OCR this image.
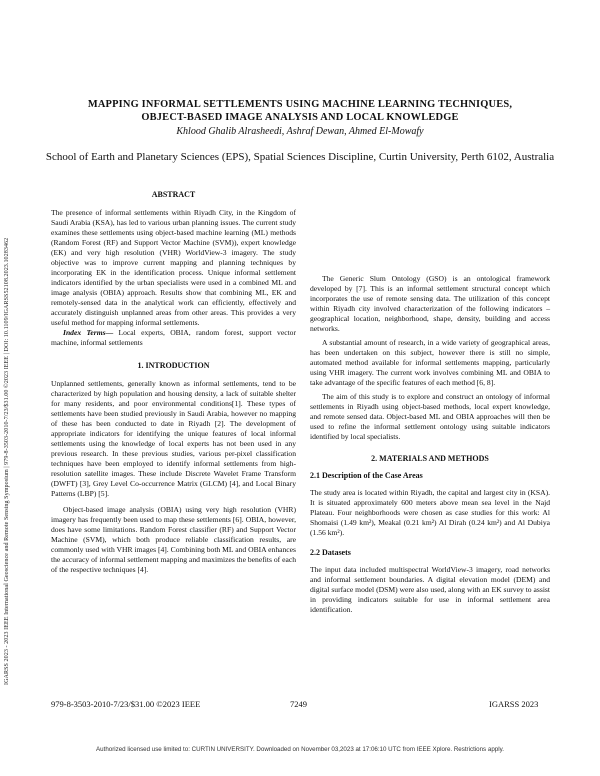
IGARSS 2023 - 2023 IEEE International Geoscience and Remote Sensing Symposium | 979-8-3503-2010-7/23/$31.00 ©2023 IEEE | DOI: 10.1109/IGARSS52108.2023.10283462
MAPPING INFORMAL SETTLEMENTS USING MACHINE LEARNING TECHNIQUES,
OBJECT-BASED IMAGE ANALYSIS AND LOCAL KNOWLEDGE
Khlood Ghalib Alrasheedi, Ashraf Dewan, Ahmed El-Mowafy
School of Earth and Planetary Sciences (EPS), Spatial Sciences Discipline, Curtin University, Perth 6102, Australia

ABSTRACT

The presence of informal settlements within Riyadh City, in the Kingdom of Saudi Arabia (KSA), has led to various urban planning issues. The current study examines these settlements using object-based machine learning (ML) methods (Random Forest (RF) and Support Vector Machine (SVM)), expert knowledge (EK) and very high resolution (VHR) WorldView-3 imagery. The study objective was to improve current mapping and planning techniques by incorporating EK in the identification process. Unique informal settlement indicators identified by the urban specialists were used in a combined ML and image analysis (OBIA) approach. Results show that combining ML, EK and remotely-sensed data in the analytical work can efficiently, effectively and accurately distinguish unplanned areas from other areas. This provides a very useful method for mapping informal settlements.

Index Terms— Local experts, OBIA, random forest, support vector machine, informal settlements

1. INTRODUCTION

Unplanned settlements, generally known as informal settlements, tend to be characterized by high population and housing density, a lack of suitable shelter for many residents, and poor environmental conditions[1]. These types of settlements have been studied previously in Saudi Arabia, however no mapping of these has been conducted to date in Riyadh [2]. The development of appropriate indicators for identifying the unique features of local informal settlements using the knowledge of local experts has not been used in any previous research. In these previous studies, various per-pixel classification techniques have been employed to identify informal settlements from high-resolution satellite images. These include Discrete Wavelet Frame Transform (DWFT) [3], Grey Level Co-occurrence Matrix (GLCM) [4], and Local Binary Patterns (LBP) [5].

Object-based image analysis (OBIA) using very high resolution (VHR) imagery has frequently been used to map these settlements [6]. OBIA, however, does have some limitations. Random Forest classifier (RF) and Support Vector Machine (SVM), which both produce reliable classification results, are commonly used with VHR images [4]. Combining both ML and OBIA enhances the accuracy of informal settlement mapping and maximizes the benefits of each of the respective techniques [4].

The Generic Slum Ontology (GSO) is an ontological framework developed by [7]. This is an informal settlement structural concept which incorporates the use of remote sensing data. The utilization of this concept within Riyadh city involved characterization of the following indicators – geographical location, neighborhood, shape, density, building and access networks.

A substantial amount of research, in a wide variety of geographical areas, has been undertaken on this subject, however there is still no simple, automated method available for informal settlements mapping, particularly using VHR imagery. The current work involves combining ML and OBIA to take advantage of the specific features of each method [6, 8].

The aim of this study is to explore and construct an ontology of informal settlements in Riyadh using object-based methods, local expert knowledge, and remote sensed data. Object-based ML and OBIA approaches will then be used to refine the informal settlement ontology using suitable indicators identified by local specialists.

2. MATERIALS AND METHODS

2.1 Description of the Case Areas

The study area is located within Riyadh, the capital and largest city in (KSA). It is situated approximately 600 meters above mean sea level in the Najd Plateau. Four neighborhoods were chosen as case studies for this work: Al Shomaisi (1.49 km²), Meakal (0.21 km²) Al Dirah (0.24 km²) and Al Dubiya (1.56 km²).

2.2 Datasets

The input data included multispectral WorldView-3 imagery, road networks and informal settlement boundaries. A digital elevation model (DEM) and digital surface model (DSM) were also used, along with an EK survey to assist in providing indicators suitable for use in informal settlement area identification.

979-8-3503-2010-7/23/$31.00 ©2023 IEEE	7249	IGARSS 2023
Authorized licensed use limited to: CURTIN UNIVERSITY. Downloaded on November 03,2023 at 17:06:10 UTC from IEEE Xplore. Restrictions apply.
